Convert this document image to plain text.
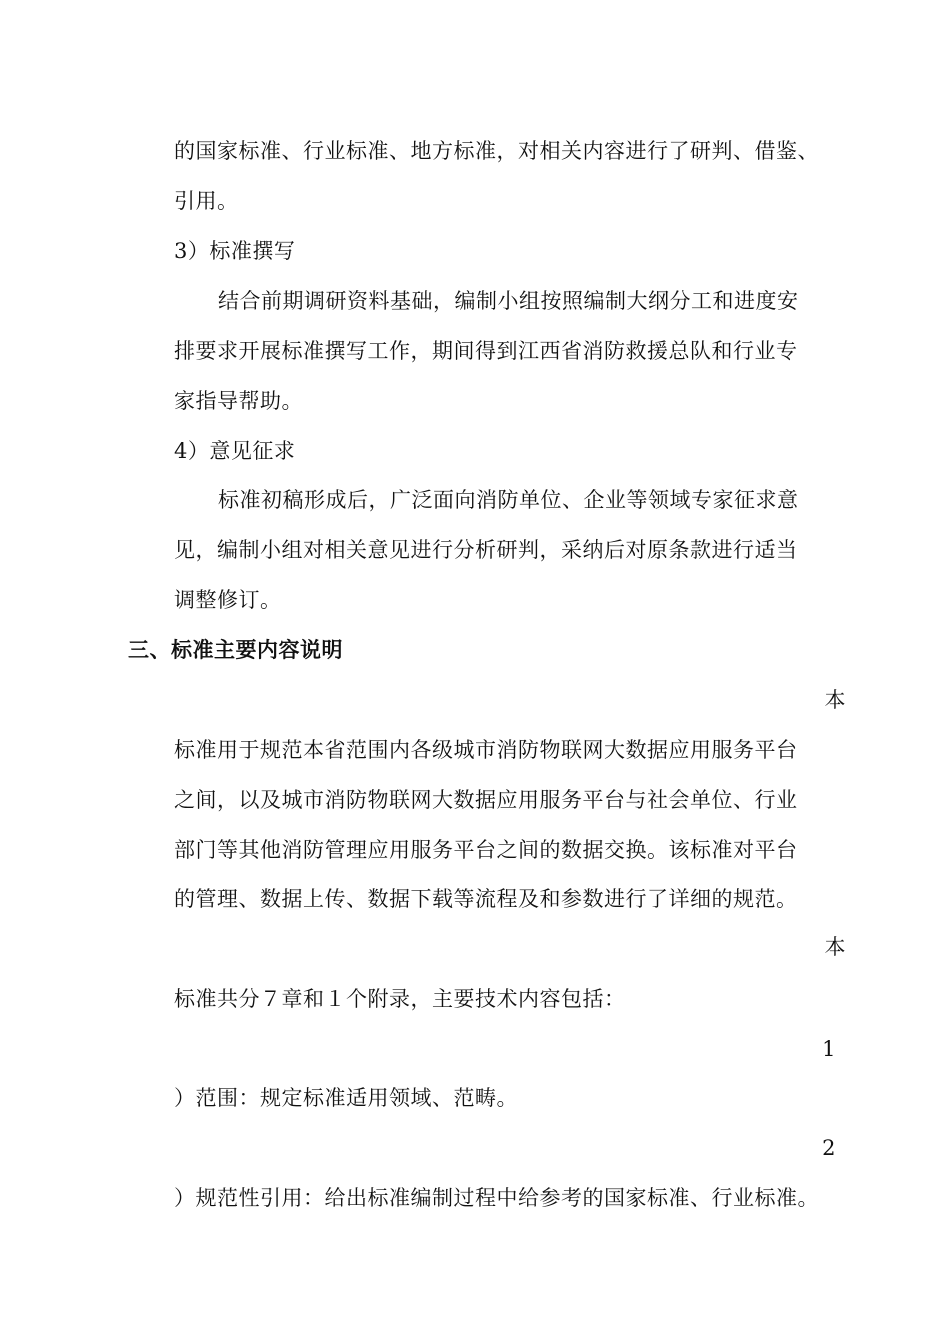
的国家标准、行业标准、地方标准，对相关内容进行了研判、借鉴、
引用。
3）标准撰写
结合前期调研资料基础，编制小组按照编制大纲分工和进度安
排要求开展标准撰写工作，期间得到江西省消防救援总队和行业专
家指导帮助。
4）意见征求
标准初稿形成后，广泛面向消防单位、企业等领域专家征求意
见，编制小组对相关意见进行分析研判，采纳后对原条款进行适当
调整修订。
三、标准主要内容说明
本
标准用于规范本省范围内各级城市消防物联网大数据应用服务平台
之间，以及城市消防物联网大数据应用服务平台与社会单位、行业
部门等其他消防管理应用服务平台之间的数据交换。该标准对平台
的管理、数据上传、数据下载等流程及和参数进行了详细的规范。
本
标准共分７章和１个附录，主要技术内容包括：
1
）范围：规定标准适用领域、范畴。
2
）规范性引用：给出标准编制过程中给参考的国家标准、行业标准。
